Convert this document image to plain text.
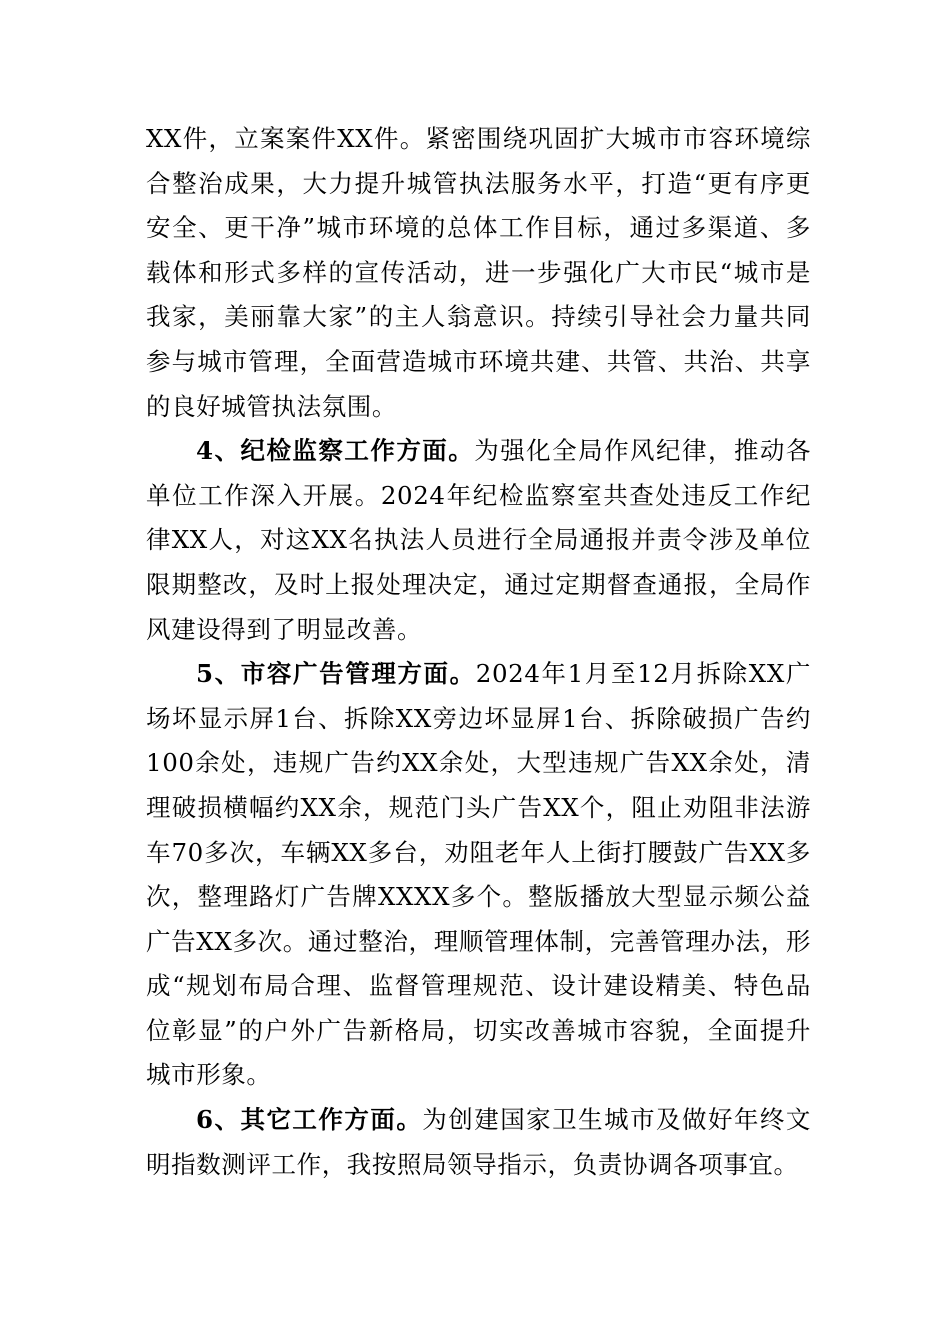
XX件，立案案件XX件。紧密围绕巩固扩大城市市容环境综合整治成果，大力提升城管执法服务水平，打造“更有序更安全、更干净”城市环境的总体工作目标，通过多渠道、多载体和形式多样的宣传活动，进一步强化广大市民“城市是我家，美丽靠大家”的主人翁意识。持续引导社会力量共同参与城市管理，全面营造城市环境共建、共管、共治、共享的良好城管执法氛围。

4、纪检监察工作方面。为强化全局作风纪律，推动各单位工作深入开展。2024年纪检监察室共查处违反工作纪律XX人，对这XX名执法人员进行全局通报并责令涉及单位限期整改，及时上报处理决定，通过定期督查通报，全局作风建设得到了明显改善。

5、市容广告管理方面。2024年1月至12月拆除XX广场坏显示屏1台、拆除XX旁边坏显屏1台、拆除破损广告约100余处，违规广告约XX余处，大型违规广告XX余处，清理破损横幅约XX余，规范门头广告XX个，阻止劝阻非法游车70多次，车辆XX多台，劝阻老年人上街打腰鼓广告XX多次，整理路灯广告牌XXXX多个。整版播放大型显示频公益广告XX多次。通过整治，理顺管理体制，完善管理办法，形成“规划布局合理、监督管理规范、设计建设精美、特色品位彰显”的户外广告新格局，切实改善城市容貌，全面提升城市形象。

6、其它工作方面。为创建国家卫生城市及做好年终文明指数测评工作，我按照局领导指示，负责协调各项事宜。
